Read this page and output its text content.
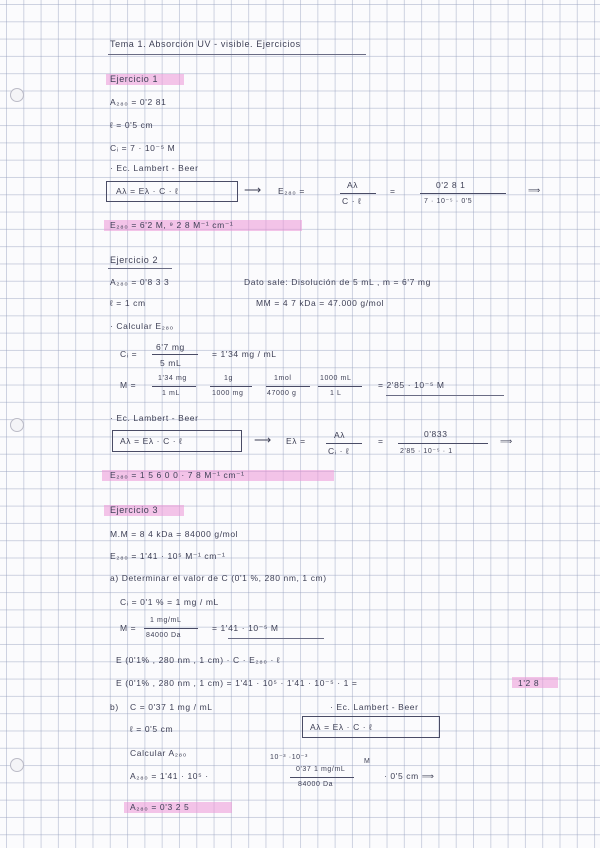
Tema 1. Absorción UV - visible. Ejercicios
Ejercicio 1
A₂₈₀ = 0'2 81
ℓ = 0'5 cm
Cᵢ = 7 · 10⁻⁵ M
· Ec. Lambert - Beer
Aλ = Eλ · C · ℓ	⟶ E₂₈₀ =
Aλ
C · ℓ
=
0'2 8 1
7 · 10⁻⁵ · 0'5
⟹
E₂₈₀ = 6'2 M, ⁹ 2 8 M⁻¹ cm⁻¹
Ejercicio 2
A₂₈₀ = 0'8 3 3	Dato sale: Disolución de 5 mL , m = 6'7 mg
ℓ = 1 cm	MM = 4 7 kDa = 47.000 g/mol
· Calcular E₂₈₀
Cᵢ =
6'7 mg
5 mL
= 1'34 mg / mL
M =
1'34 mg
1 mL
1g
1000 mg
1mol
47000 g
1000 mL
1 L
= 2'85 · 10⁻⁵ M
· Ec. Lambert - Beer
Aλ = Eλ · C · ℓ	⟶ Eλ =
Aλ
Cᵢ · ℓ
=
0'833
2'85 · 10⁻⁵ · 1
⟹
E₂₈₀ = 1 5 6 0 0 · 7 8 M⁻¹ cm⁻¹
Ejercicio 3
M.M = 8 4 kDa = 84000 g/mol
E₂₈₀ = 1'41 · 10⁵ M⁻¹ cm⁻¹
a) Determinar el valor de C (0'1 %, 280 nm, 1 cm)
Cᵢ = 0'1 % = 1 mg / mL
M =
1 mg/mL
84000 Da
= 1'41 · 10⁻⁵ M
E (0'1% , 280 nm , 1 cm) · C · E₂₈₀ · ℓ
E (0'1% , 280 nm , 1 cm) = 1'41 · 10⁵ · 1'41 · 10⁻⁵ · 1 =	1'2 8
b) C = 0'37 1 mg / mL	· Ec. Lambert - Beer
ℓ = 0'5 cm	Aλ = Eλ · C · ℓ
Calcular A₂₈₀	10⁻³ ·10⁻³
M
A₂₈₀ = 1'41 · 10⁵ ·
0'37 1 mg/mL
84000 Da
· 0'5 cm ⟹
A₂₈₀ = 0'3 2 5
